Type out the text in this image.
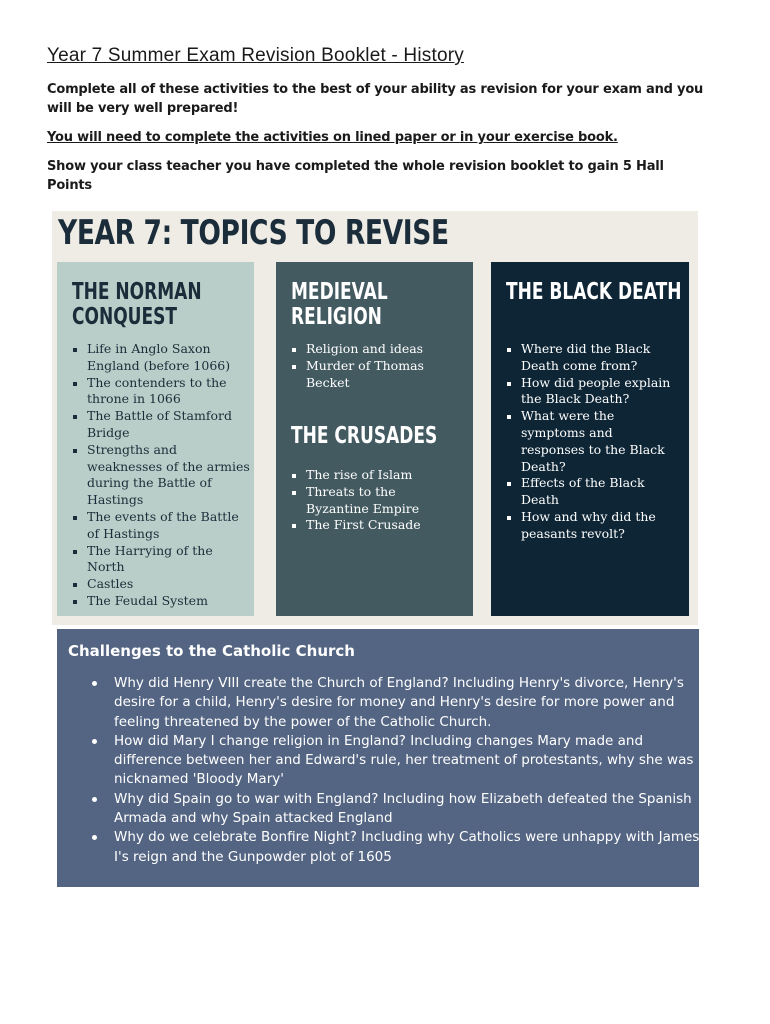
Year 7 Summer Exam Revision Booklet - History
Complete all of these activities to the best of your ability as revision for your exam and you will be very well prepared!
You will need to complete the activities on lined paper or in your exercise book.
Show your class teacher you have completed the whole revision booklet to gain 5 Hall Points
YEAR 7: TOPICS TO REVISE
THE NORMAN
CONQUEST
Life in Anglo Saxon England (before 1066)
The contenders to the throne in 1066
The Battle of Stamford Bridge
Strengths and weaknesses of the armies during the Battle of Hastings
The events of the Battle of Hastings
The Harrying of the North
Castles
The Feudal System
MEDIEVAL
RELIGION
Religion and ideas
Murder of Thomas Becket
THE CRUSADES
The rise of Islam
Threats to the Byzantine Empire
The First Crusade
THE BLACK DEATH
Where did the Black Death come from?
How did people explain the Black Death?
What were the symptoms and responses to the Black Death?
Effects of the Black Death
How and why did the peasants revolt?
Challenges to the Catholic Church
Why did Henry VIII create the Church of England? Including Henry's divorce, Henry's desire for a child, Henry's desire for money and Henry's desire for more power and feeling threatened by the power of the Catholic Church.
How did Mary I change religion in England? Including changes Mary made and difference between her and Edward's rule, her treatment of protestants, why she was nicknamed 'Bloody Mary'
Why did Spain go to war with England? Including how Elizabeth defeated the Spanish Armada and why Spain attacked England
Why do we celebrate Bonfire Night? Including why Catholics were unhappy with James I's reign and the Gunpowder plot of 1605
